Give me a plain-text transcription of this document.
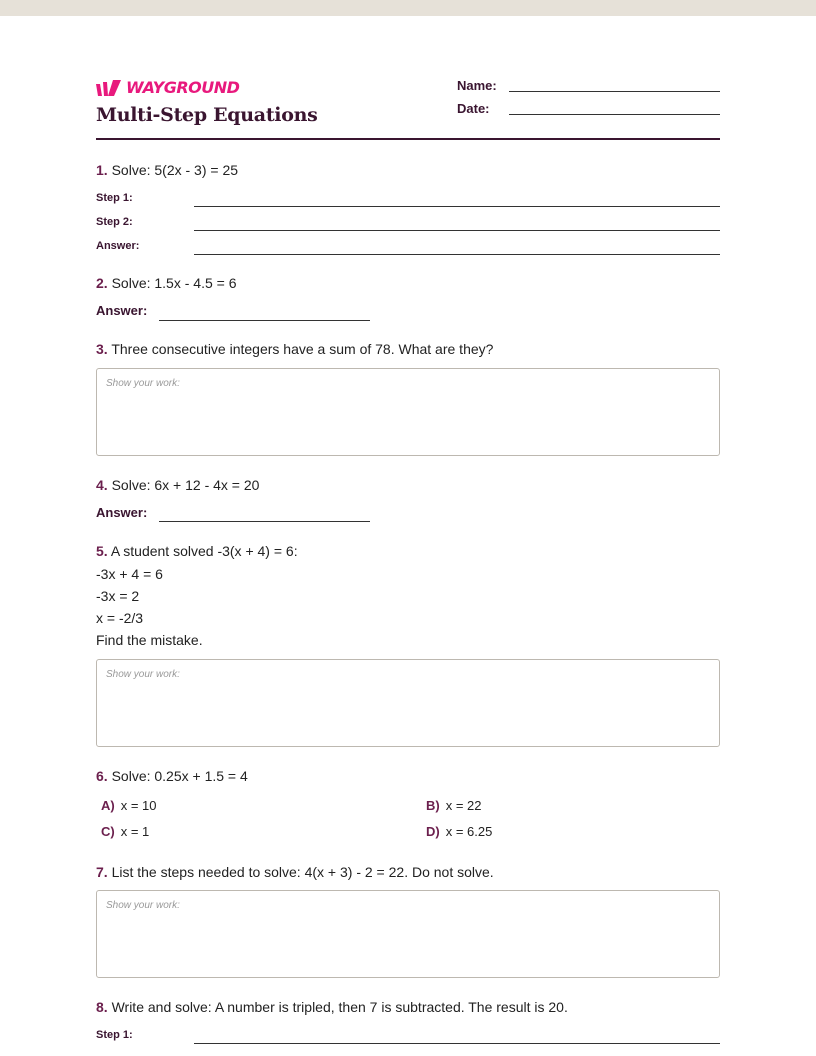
WAYGROUND
Multi-Step Equations
Name:
Date:
1. Solve: 5(2x - 3) = 25
Step 1:
Step 2:
Answer:
2. Solve: 1.5x - 4.5 = 6
Answer:
3. Three consecutive integers have a sum of 78. What are they?
Show your work:
4. Solve: 6x + 12 - 4x = 20
Answer:
5. A student solved -3(x + 4) = 6:
-3x + 4 = 6
-3x = 2
x = -2/3
Find the mistake.
Show your work:
6. Solve: 0.25x + 1.5 = 4
A) x = 10	B) x = 22
C) x = 1	D) x = 6.25
7. List the steps needed to solve: 4(x + 3) - 2 = 22. Do not solve.
Show your work:
8. Write and solve: A number is tripled, then 7 is subtracted. The result is 20.
Step 1:
